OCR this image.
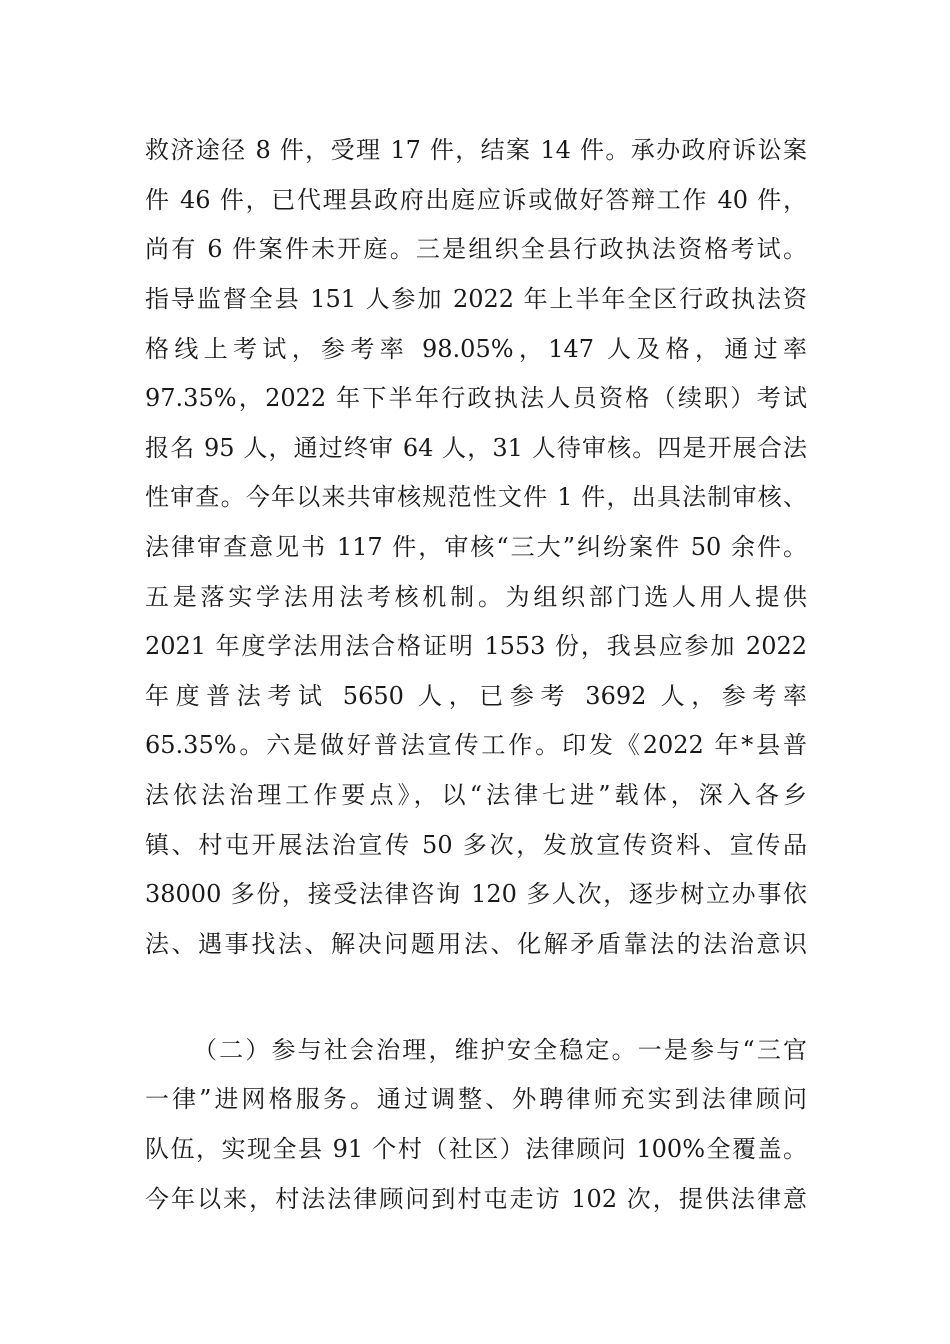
救济途径 8 件，受理 17 件，结案 14 件。承办政府诉讼案
件 46 件，已代理县政府出庭应诉或做好答辩工作 40 件，
尚有 6 件案件未开庭。三是组织全县行政执法资格考试。
指导监督全县 151 人参加 2022 年上半年全区行政执法资
格线上考试，参考率 98.05%，147 人及格，通过率
97.35%，2022 年下半年行政执法人员资格（续职）考试
报名 95 人，通过终审 64 人，31 人待审核。四是开展合法
性审查。今年以来共审核规范性文件 1 件，出具法制审核、
法律审查意见书 117 件，审核“三大”纠纷案件 50 余件。
五是落实学法用法考核机制。为组织部门选人用人提供
2021 年度学法用法合格证明 1553 份，我县应参加 2022
年度普法考试 5650 人，已参考 3692 人，参考率
65.35%。六是做好普法宣传工作。印发《2022 年*县普
法依法治理工作要点》，以“法律七进”载体，深入各乡
镇、村屯开展法治宣传 50 多次，发放宣传资料、宣传品
38000 多份，接受法律咨询 120 多人次，逐步树立办事依
法、遇事找法、解决问题用法、化解矛盾靠法的法治意识
（二）参与社会治理，维护安全稳定。一是参与“三官
一律”进网格服务。通过调整、外聘律师充实到法律顾问
队伍，实现全县 91 个村（社区）法律顾问 100%全覆盖。
今年以来，村法法律顾问到村屯走访 102 次，提供法律意
